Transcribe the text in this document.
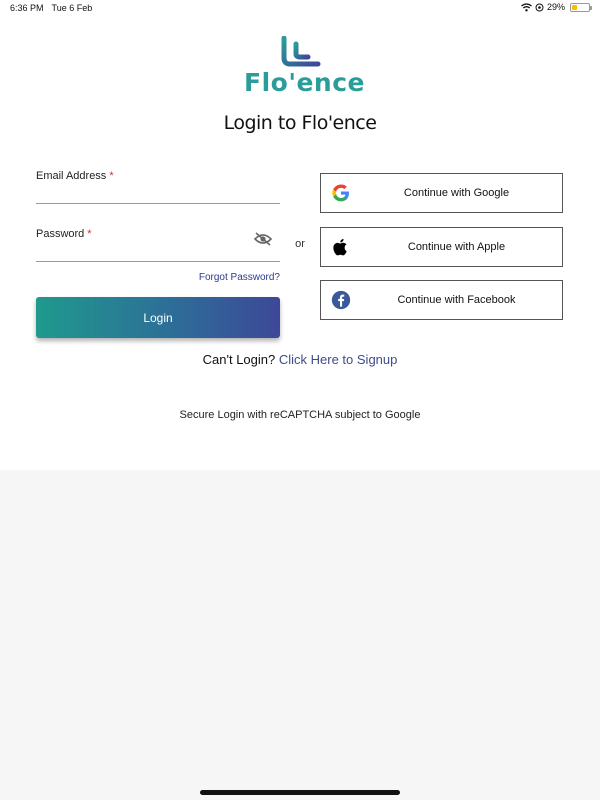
6:36 PM Tue 6 Feb	29%
Flo'ence
Login to Flo'ence
Email Address *
Password *
Forgot Password?
Login
or
Continue with Google
Continue with Apple
Continue with Facebook
Can't Login? Click Here to Signup
Secure Login with reCAPTCHA subject to Google
